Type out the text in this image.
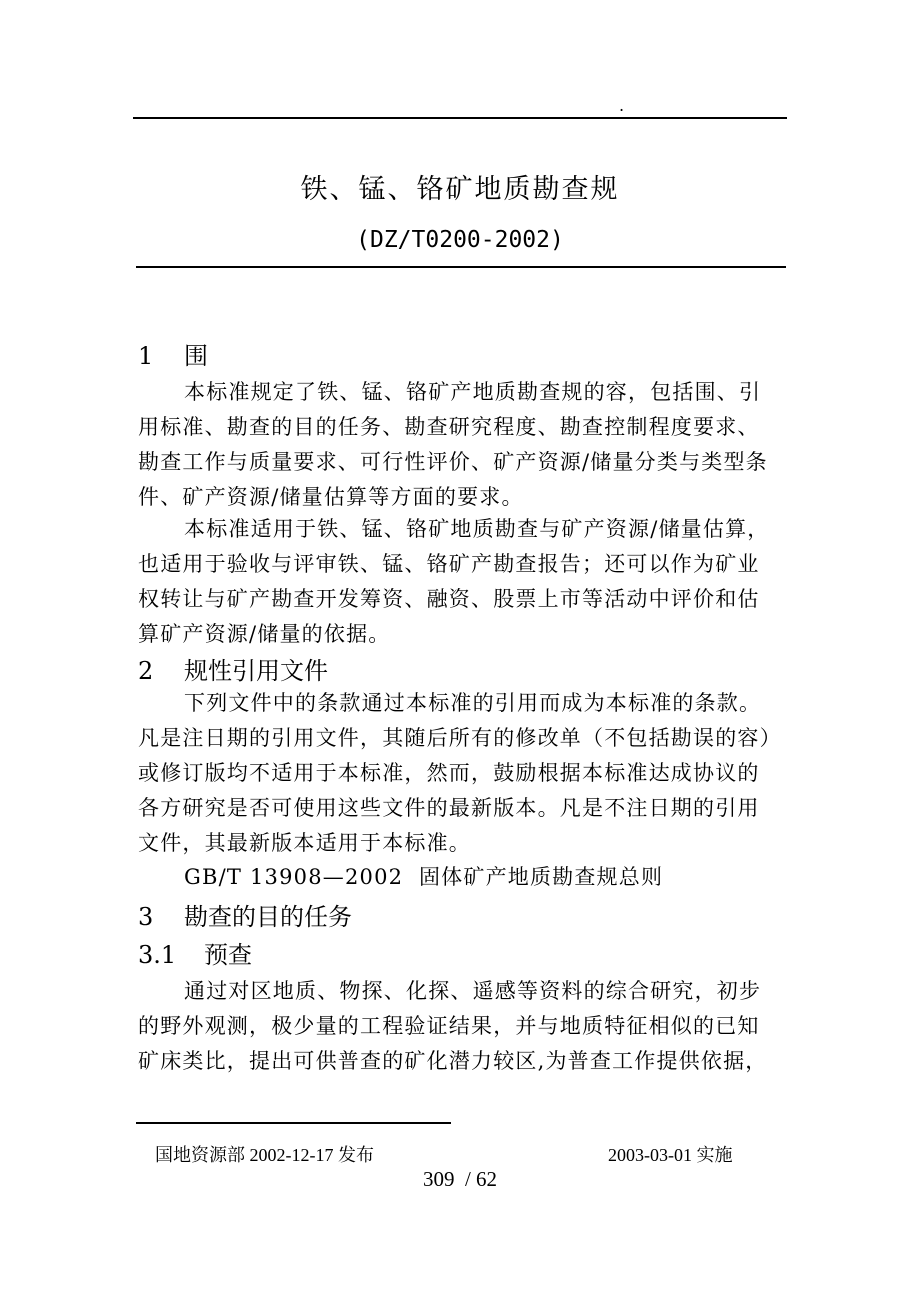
.
铁、锰、铬矿地质勘查规
(DZ/T0200-2002)
1 围
本标准规定了铁、锰、铬矿产地质勘查规的容，包括围、引
用标准、勘查的目的任务、勘查研究程度、勘查控制程度要求、
勘查工作与质量要求、可行性评价、矿产资源/储量分类与类型条
件、矿产资源/储量估算等方面的要求。
本标准适用于铁、锰、铬矿地质勘查与矿产资源/储量估算，
也适用于验收与评审铁、锰、铬矿产勘查报告；还可以作为矿业
权转让与矿产勘查开发筹资、融资、股票上市等活动中评价和估
算矿产资源/储量的依据。
2 规性引用文件
下列文件中的条款通过本标准的引用而成为本标准的条款。
凡是注日期的引用文件，其随后所有的修改单（不包括勘误的容）
或修订版均不适用于本标准，然而，鼓励根据本标准达成协议的
各方研究是否可使用这些文件的最新版本。凡是不注日期的引用
文件，其最新版本适用于本标准。
GB/T 13908—2002  固体矿产地质勘查规总则
3 勘查的目的任务
3.1 预查
通过对区地质、物探、化探、遥感等资料的综合研究，初步
的野外观测，极少量的工程验证结果，并与地质特征相似的已知
矿床类比，提出可供普查的矿化潜力较区,为普查工作提供依据，
国地资源部 2002-12-17 发布	2003-03-01 实施
309  / 62
